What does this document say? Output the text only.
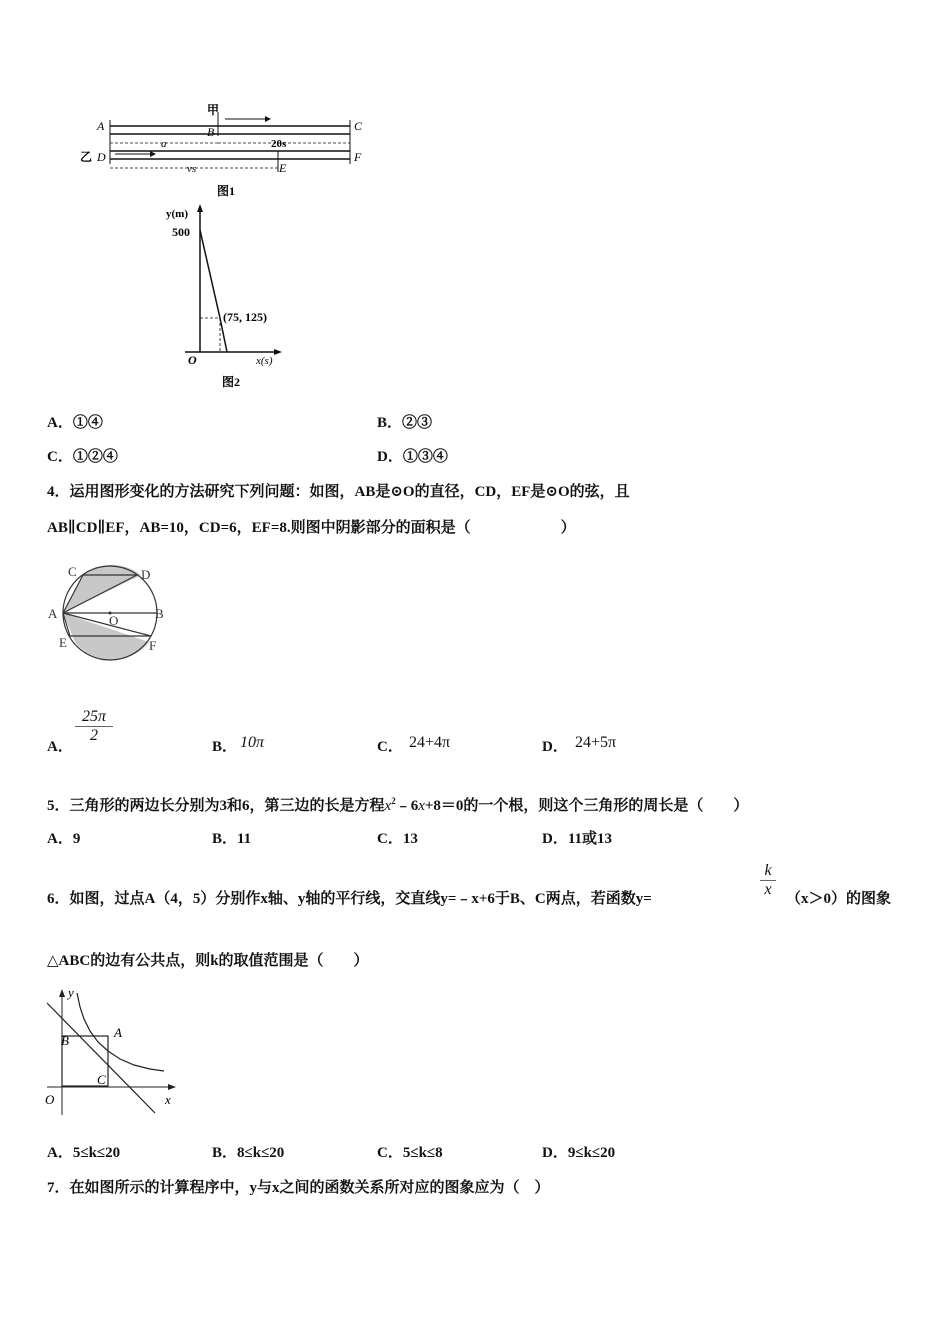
甲
A	B	C
乙 D
E
F
a	20s
vs
图1
y(m)
500
(75, 125)
O	x(s)
图2
A．①④	B．②③
C．①②④	D．①③④
4．运用图形变化的方法研究下列问题：如图，AB是⊙O的直径，CD，EF是⊙O的弦，且
AB∥CD∥EF，AB=10，CD=6，EF=8.则图中阴影部分的面积是（　　　　　　）
C	D
A	O	B
E	F
A．
$\frac{25\pi}{2}$
B． 10π	C． 24+4π	D． 24+5π
5．三角形的两边长分别为3和6，第三边的长是方程$x^2﹣6x+8=0$的一个根，则这个三角形的周长是（　　）
A．9	B．11	C．13	D．11或13
6．如图，过点A（4，5）分别作x轴、y轴的平行线，交直线y=﹣x+6于B、C两点，若函数y=	$\frac{k}{x} (x>0)$的图象
△ABC的边有公共点，则k的取值范围是（　　）
y
A
B
C
O	x
A．5≤k≤20	B．8≤k≤20	C．5≤k≤8	D．9≤k≤20
7．在如图所示的计算程序中，y与x之间的函数关系所对应的图象应为（　）
